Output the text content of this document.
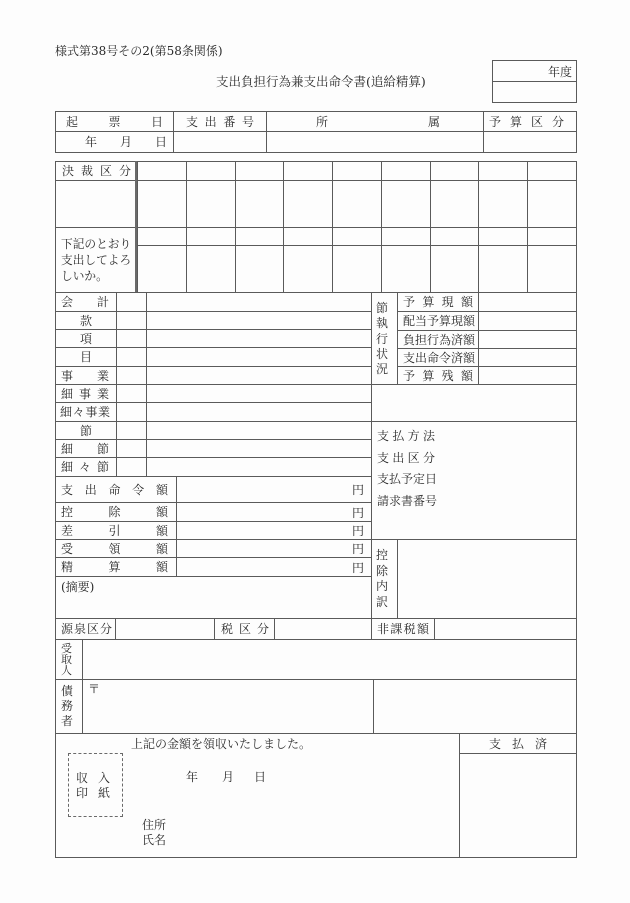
様式第38号その2(第58条関係)
支出負担行為兼支出命令書(追給精算)
年度
起票日 支出番号	所属	予算区分
年 月 日
決裁区分
下記のとおり支出してよろしいか。
会計
款
項
目
事業
細事業
細々事業
節
細節
細々節
節執行状況
予算現額
配当予算現額
負担行為済額
支出命令済額
予算残額
支払方法
支出区分
支払予定日
請求書番号
支出命令額	円
控除額	円
差引額	円
受領額	円
精算額	円
控除内訳
(摘要)
源泉区分	税区分	非課税額
受取人
債務者
〒
支払済
上記の金額を領収いたしました。
収入
印紙
年 月 日
住所
氏名
